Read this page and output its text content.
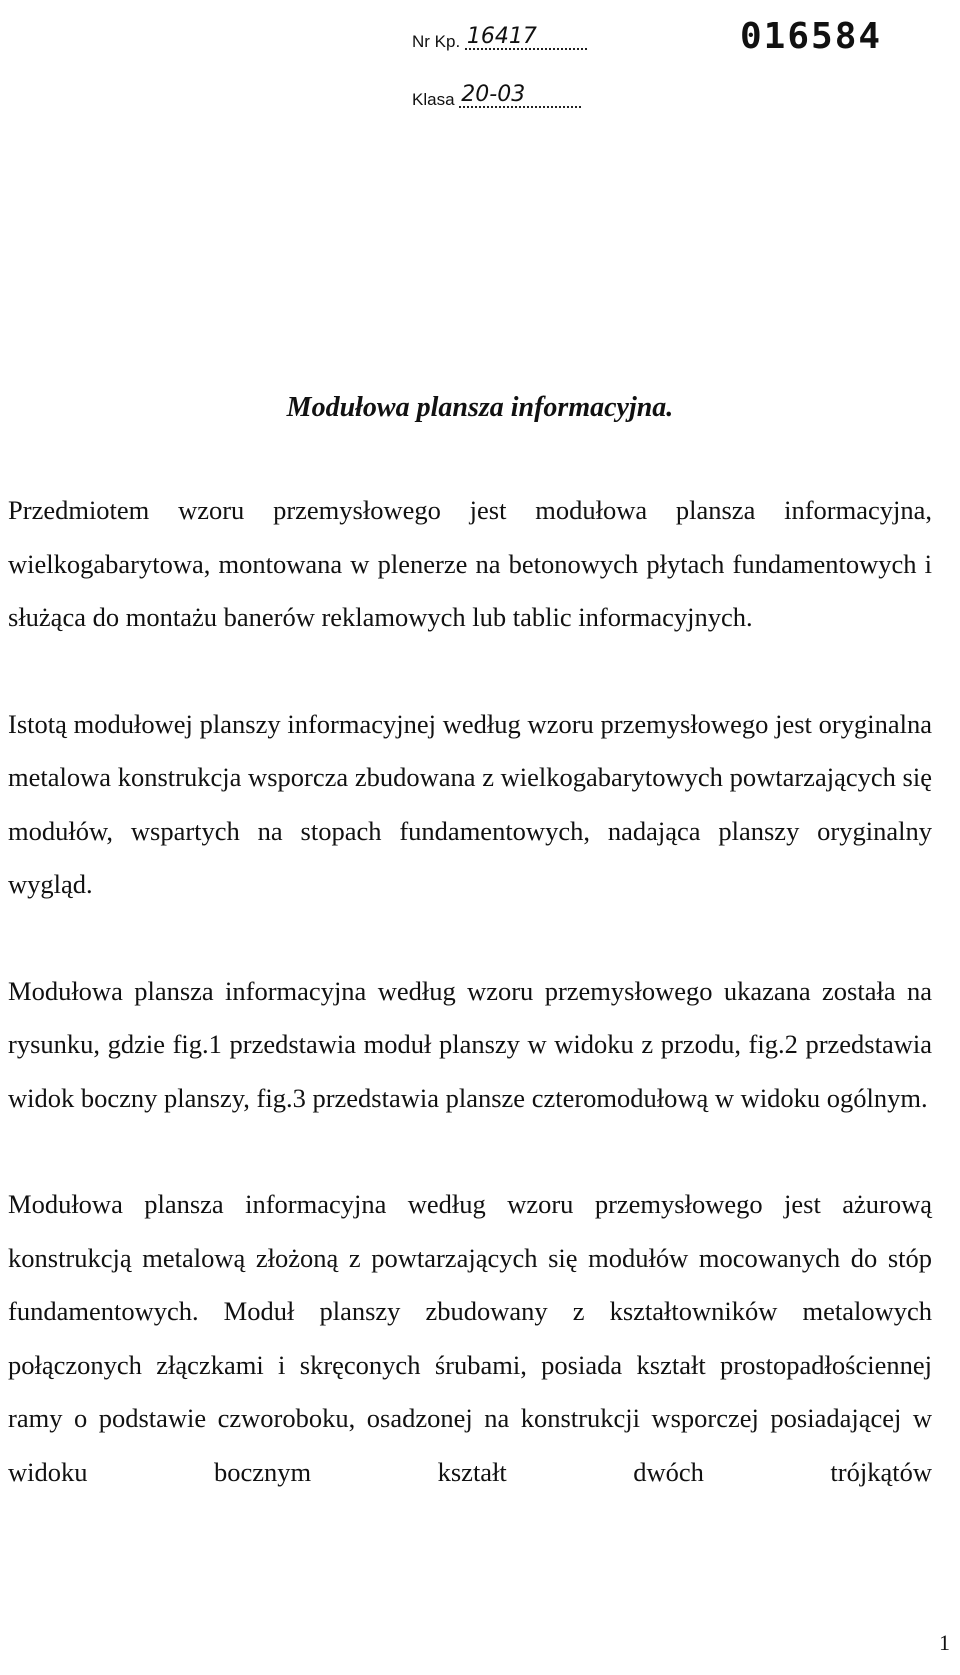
Nr Kp. 16417
Klasa 20-03
016584
Modułowa plansza informacyjna.

Przedmiotem wzoru przemysłowego jest modułowa plansza informacyjna, wielkogabarytowa, montowana w plenerze na betonowych płytach fundamentowych i służąca do montażu banerów reklamowych lub tablic informacyjnych.

Istotą modułowej planszy informacyjnej według wzoru przemysłowego jest oryginalna metalowa konstrukcja wsporcza zbudowana z wielkogabarytowych powtarzających się modułów, wspartych na stopach fundamentowych, nadająca planszy oryginalny wygląd.

Modułowa plansza informacyjna według wzoru przemysłowego ukazana została na rysunku, gdzie fig.1 przedstawia moduł planszy w widoku z przodu, fig.2 przedstawia widok boczny planszy, fig.3 przedstawia plansze czteromodułową w widoku ogólnym.

Modułowa plansza informacyjna według wzoru przemysłowego jest ażurową konstrukcją metalową złożoną z powtarzających się modułów mocowanych do stóp fundamentowych. Moduł planszy zbudowany z kształtowników metalowych połączonych złączkami i skręconych śrubami, posiada kształt prostopadłościennej ramy o podstawie czworoboku, osadzonej na konstrukcji wsporczej posiadającej w widoku bocznym kształt dwóch trójkątów

1
